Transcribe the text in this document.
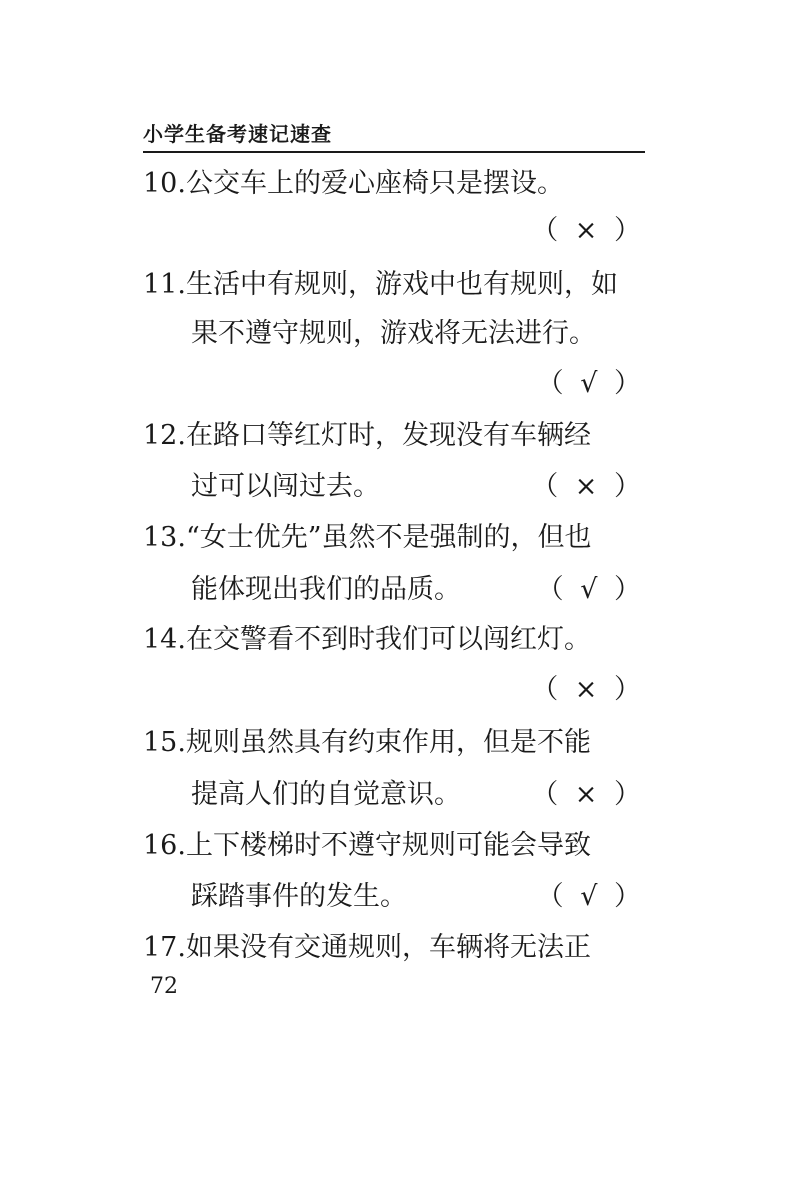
小学生备考速记速查
10.公交车上的爱心座椅只是摆设。
（ × ）
11.生活中有规则，游戏中也有规则，如
果不遵守规则，游戏将无法进行。
（ √ ）
12.在路口等红灯时，发现没有车辆经
过可以闯过去。	（ × ）
13.“女士优先”虽然不是强制的，但也
能体现出我们的品质。	（ √ ）
14.在交警看不到时我们可以闯红灯。
（ × ）
15.规则虽然具有约束作用，但是不能
提高人们的自觉意识。	（ × ）
16.上下楼梯时不遵守规则可能会导致
踩踏事件的发生。	（ √ ）
17.如果没有交通规则，车辆将无法正
72
